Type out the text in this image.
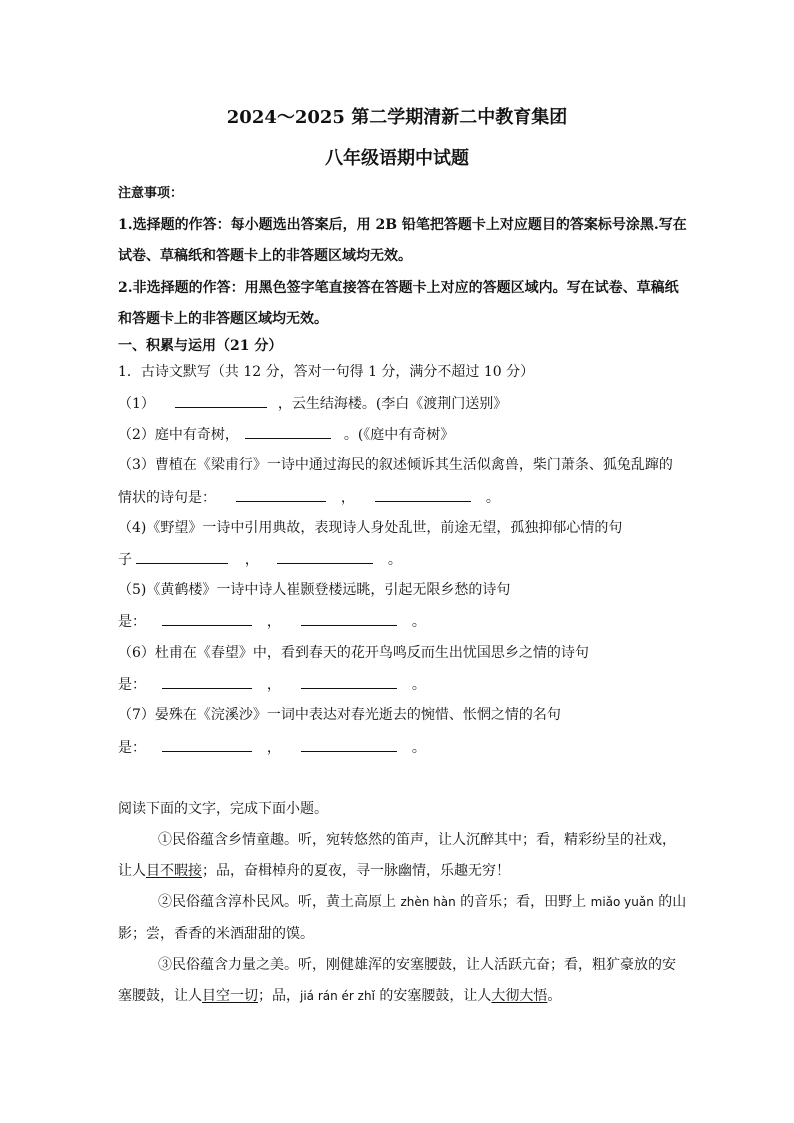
2024～2025 第二学期清新二中教育集团
八年级语期中试题
注意事项：
1.选择题的作答：每小题选出答案后，用 2B 铅笔把答题卡上对应题目的答案标号涂黑.写在
试卷、草稿纸和答题卡上的非答题区域均无效。
2.非选择题的作答：用黑色签字笔直接答在答题卡上对应的答题区域内。写在试卷、草稿纸
和答题卡上的非答题区域均无效。
一、积累与运用（21 分）
1．古诗文默写（共 12 分，答对一句得 1 分，满分不超过 10 分）
（1）	，云生结海楼。(李白《渡荆门送别》
（2）庭中有奇树，	。(《庭中有奇树》
（3）曹植在《梁甫行》一诗中通过海民的叙述倾诉其生活似禽兽，柴门萧条、狐兔乱蹿的
情状的诗句是：	，	。
（4)《野望》一诗中引用典故，表现诗人身处乱世，前途无望，孤独抑郁心情的句
子	，	。
（5)《黄鹤楼》一诗中诗人崔颢登楼远眺，引起无限乡愁的诗句
是：	，	。
（6）杜甫在《春望》中，看到春天的花开鸟鸣反而生出忧国思乡之情的诗句
是：	，	。
（7）晏殊在《浣溪沙》一词中表达对春光逝去的惋惜、怅惘之情的名句
是：	，	。
阅读下面的文字，完成下面小题。
①民俗蕴含乡情童趣。听，宛转悠然的笛声，让人沉醉其中；看，精彩纷呈的社戏，
让人目不暇接；品，奋楫棹舟的夏夜，寻一脉幽情，乐趣无穷！
②民俗蕴含淳朴民风。听，黄土高原上 zhèn hàn 的音乐；看，田野上 miǎo yuǎn 的山
影；尝，香香的米酒甜甜的馍。
③民俗蕴含力量之美。听，刚健雄浑的安塞腰鼓，让人活跃亢奋；看，粗犷豪放的安
塞腰鼓，让人目空一切；品，jiá rán ér zhǐ 的安塞腰鼓，让人大彻大悟。
